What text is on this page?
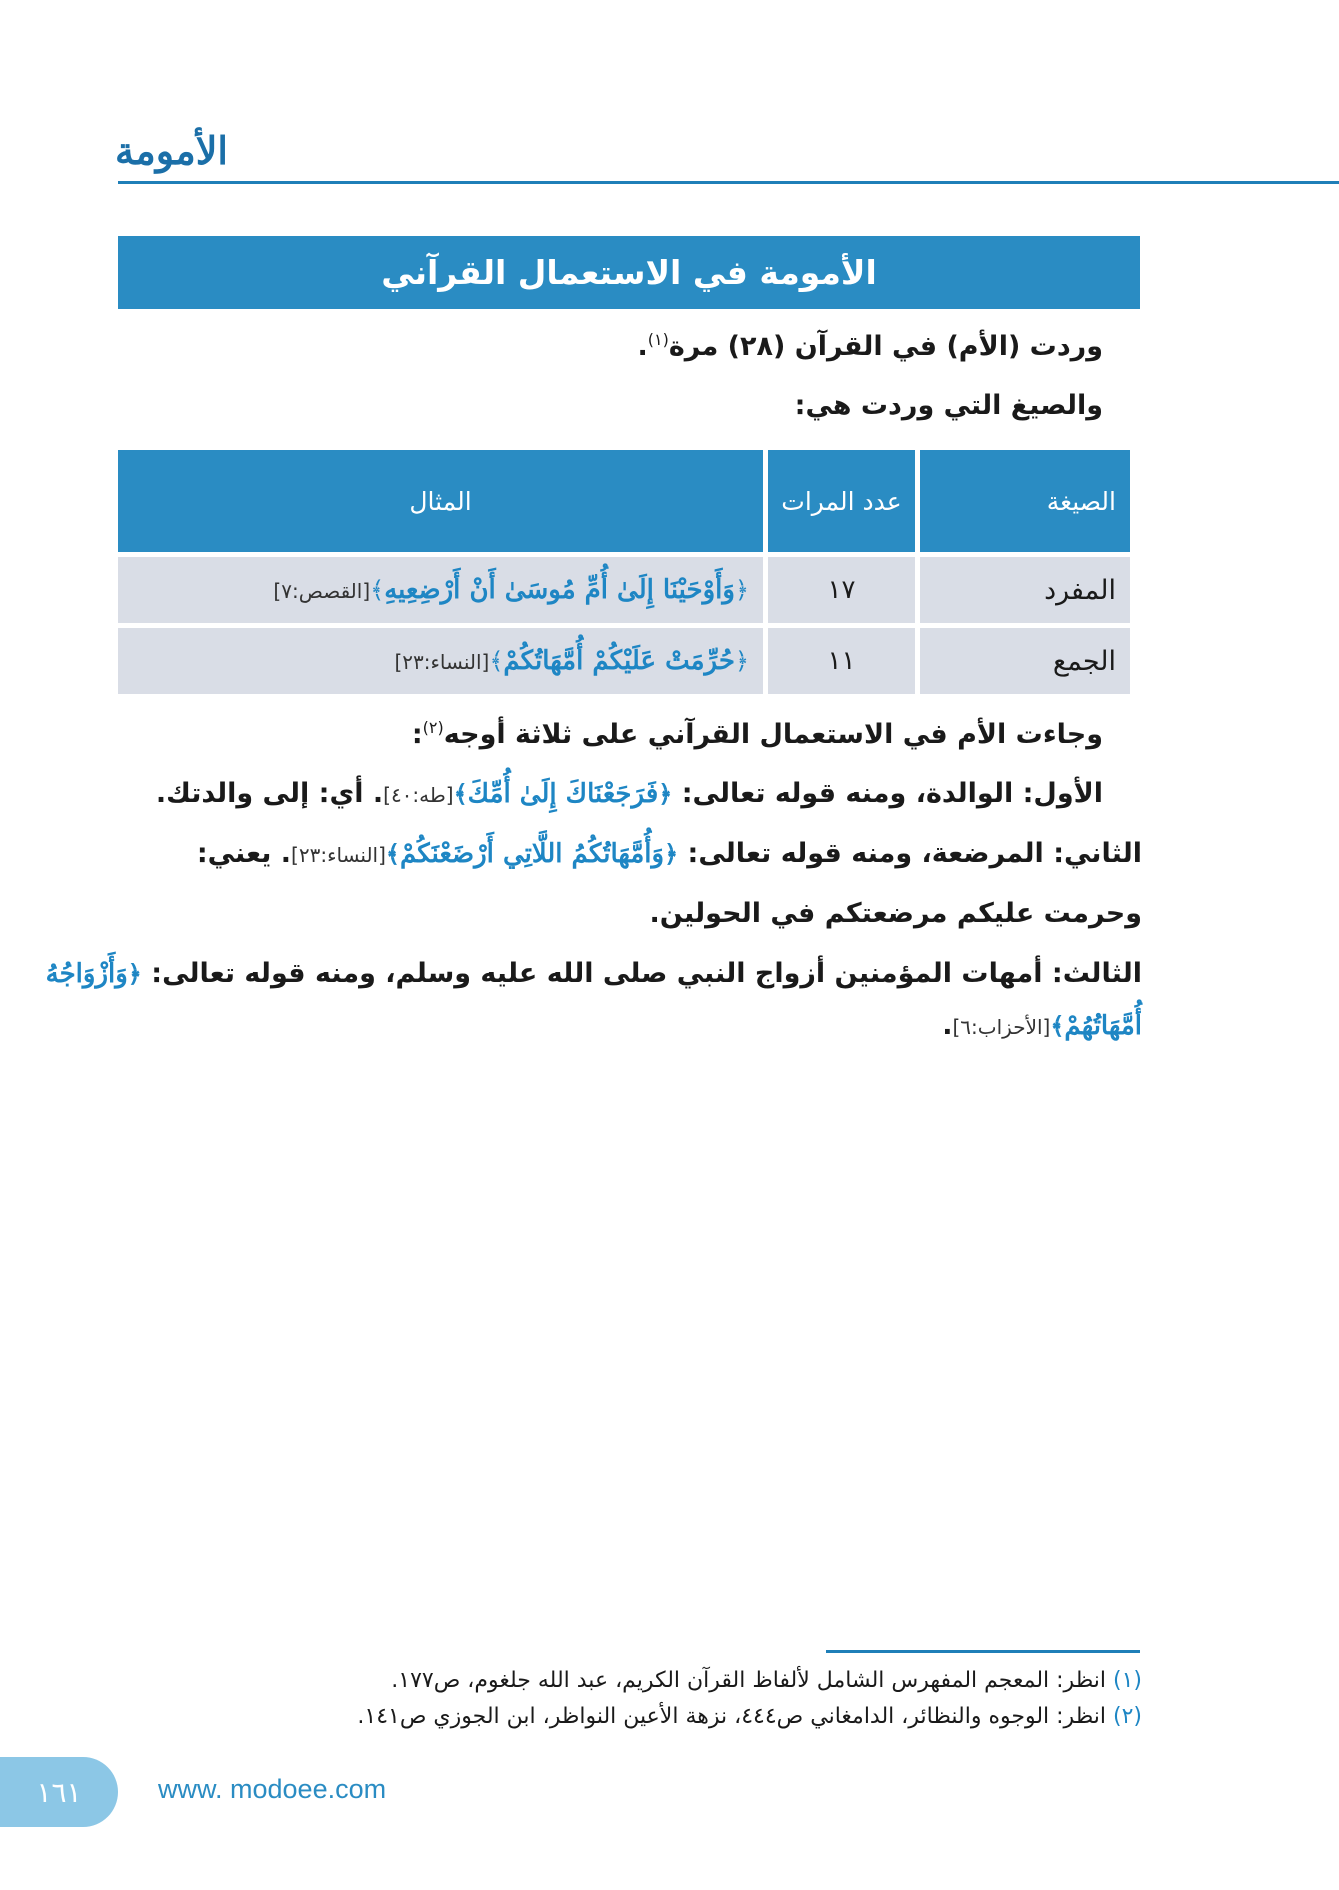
الأمومة
الأمومة في الاستعمال القرآني
وردت (الأم) في القرآن (٢٨) مرة$^{(١)}$.
والصيغ التي وردت هي:
الصيغة	عدد المرات	المثال
المفرد	١٧	﴿وَأَوْحَيْنَا إِلَىٰ أُمِّ مُوسَىٰ أَنْ أَرْضِعِيهِ﴾[القصص:٧]
الجمع	١١	﴿حُرِّمَتْ عَلَيْكُمْ أُمَّهَاتُكُمْ﴾[النساء:٢٣]
وجاءت الأم في الاستعمال القرآني على ثلاثة أوجه$^{(٢)}$:
الأول: الوالدة، ومنه قوله تعالى: ﴿فَرَجَعْنَاكَ إِلَىٰ أُمِّكَ﴾[طه:٤٠]. أي: إلى والدتك.
الثاني: المرضعة، ومنه قوله تعالى: ﴿وَأُمَّهَاتُكُمُ اللَّاتِي أَرْضَعْنَكُمْ﴾[النساء:٢٣]. يعني:
وحرمت عليكم مرضعتكم في الحولين.
الثالث: أمهات المؤمنين أزواج النبي صلى الله عليه وسلم، ومنه قوله تعالى: ﴿وَأَزْوَاجُهُ
أُمَّهَاتُهُمْ﴾[الأحزاب:٦].
(١) انظر: المعجم المفهرس الشامل لألفاظ القرآن الكريم، عبد الله جلغوم، ص١٧٧.
(٢) انظر: الوجوه والنظائر، الدامغاني ص٤٤٤، نزهة الأعين النواظر، ابن الجوزي ص١٤١.
١٦١	www. modoee.com
